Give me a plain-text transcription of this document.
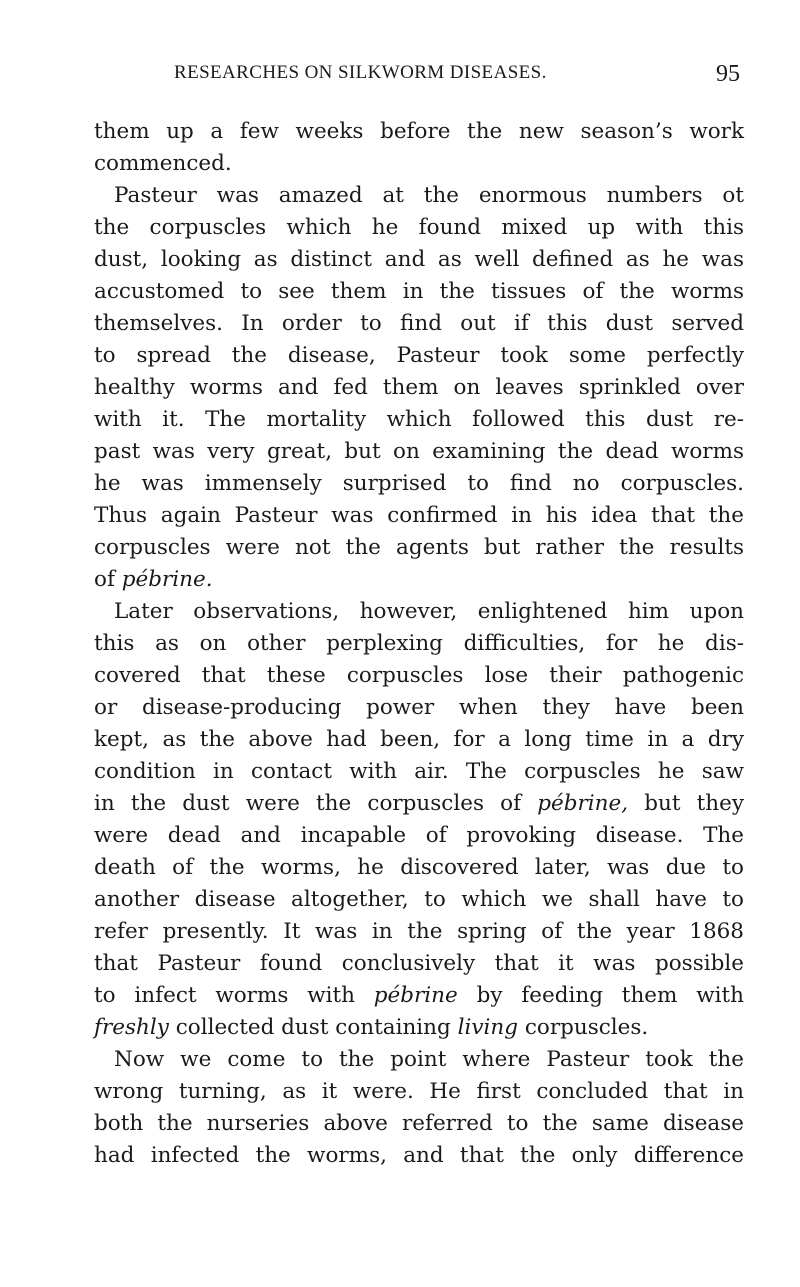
RESEARCHES ON SILKWORM DISEASES.	95
them up a few weeks before the new season’s work
commenced.
Pasteur was amazed at the enormous numbers ot
the corpuscles which he found mixed up with this
dust, looking as distinct and as well defined as he was
accustomed to see them in the tissues of the worms
themselves. In order to find out if this dust served
to spread the disease, Pasteur took some perfectly
healthy worms and fed them on leaves sprinkled over
with it. The mortality which followed this dust re-
past was very great, but on examining the dead worms
he was immensely surprised to find no corpuscles.
Thus again Pasteur was confirmed in his idea that the
corpuscles were not the agents but rather the results
of pébrine.
Later observations, however, enlightened him upon
this as on other perplexing difficulties, for he dis-
covered that these corpuscles lose their pathogenic
or disease-producing power when they have been
kept, as the above had been, for a long time in a dry
condition in contact with air. The corpuscles he saw
in the dust were the corpuscles of pébrine, but they
were dead and incapable of provoking disease. The
death of the worms, he discovered later, was due to
another disease altogether, to which we shall have to
refer presently. It was in the spring of the year 1868
that Pasteur found conclusively that it was possible
to infect worms with pébrine by feeding them with
freshly collected dust containing living corpuscles.
Now we come to the point where Pasteur took the
wrong turning, as it were. He first concluded that in
both the nurseries above referred to the same disease
had infected the worms, and that the only difference
